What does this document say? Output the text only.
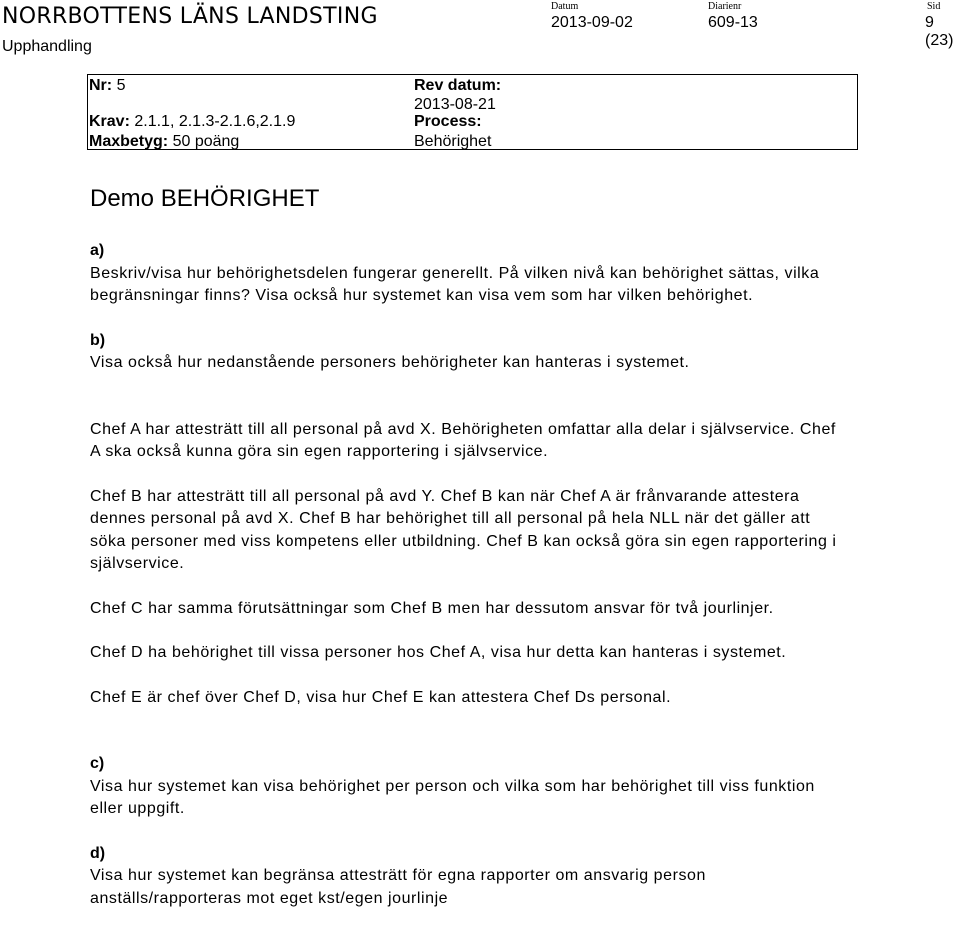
NORRBOTTENS LÄNS LANDSTING
Upphandling
Datum
2013-09-02
Diarienr
609-13
Sid
9 (23)
Nr: 5
Krav: 2.1.1, 2.1.3-2.1.6,2.1.9
Maxbetyg: 50 poäng
Rev datum:
2013-08-21
Process:
Behörighet
Demo BEHÖRIGHET

a)

Beskriv/visa hur behörighetsdelen fungerar generellt. På vilken nivå kan behörighet sättas, vilka begränsningar finns? Visa också hur systemet kan visa vem som har vilken behörighet.

b)

Visa också hur nedanstående personers behörigheter kan hanteras i systemet.

Chef A har attesträtt till all personal på avd X. Behörigheten omfattar alla delar i självservice. Chef A ska också kunna göra sin egen rapportering i självservice.

Chef B har attesträtt till all personal på avd Y. Chef B kan när Chef A är frånvarande attestera dennes personal på avd X. Chef B har behörighet till all personal på hela NLL när det gäller att söka personer med viss kompetens eller utbildning. Chef B kan också göra sin egen rapportering i självservice.

Chef C har samma förutsättningar som Chef B men har dessutom ansvar för två jourlinjer.

Chef D ha behörighet till vissa personer hos Chef A, visa hur detta kan hanteras i systemet.

Chef E är chef över Chef D, visa hur Chef E kan attestera Chef Ds personal.

c)

Visa hur systemet kan visa behörighet per person och vilka som har behörighet till viss funktion eller uppgift.

d)

Visa hur systemet kan begränsa attesträtt för egna rapporter om ansvarig person anställs/rapporteras mot eget kst/egen jourlinje
